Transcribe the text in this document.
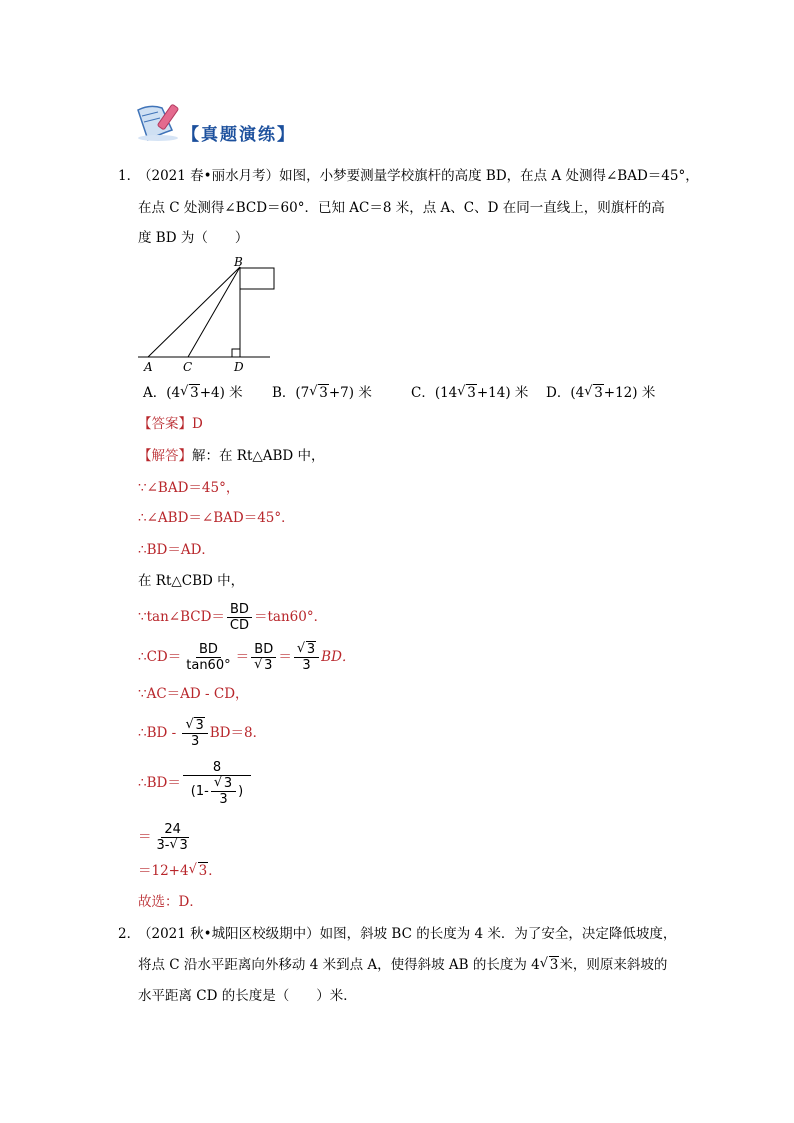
【真题演练】
1．
（2021 春•丽水月考）如图，小梦要测量学校旗杆的高度 BD，在点 A 处测得∠BAD＝45°，
在点 C 处测得∠BCD＝60°．已知 AC＝8 米，点 A、C、D 在同一直线上，则旗杆的高
度 BD 为（　　）
B
A	C	D
A．(4√ 3+4) 米 B．(7√ 3+7) 米	C．(14√ 3+14) 米 D．(4√ 3+12) 米
【答案】D
【解答】解：在 Rt△ABD 中，
∵∠BAD＝45°，
∴∠ABD＝∠BAD＝45°．
∴BD＝AD．
在 Rt△CBD 中，
∵tan∠BCD＝ $\frac{BD}{CD} =\tan 60^\circ$．
∴CD＝ $\frac{BD}{\tan 60^\circ}$ ＝ BD
√ 3 ＝
√ $\frac{3}{3}$ BD．
∵AC＝AD - CD，
∴BD -
√ $\frac{3}{3} BD=8$．
∴BD＝ 8
(1-
√ $\frac{3}{3}$ )
＝ $\frac{24}{3-√ 3}$
＝12+4√ 3．
故选：D．
2．
（2021 秋•城阳区校级期中）如图，斜坡 BC 的长度为 4 米．为了安全，决定降低坡度，
将点 C 沿水平距离向外移动 4 米到点 A，使得斜坡 AB 的长度为 4√ 3米，则原来斜坡的
水平距离 CD 的长度是（　　）米．
